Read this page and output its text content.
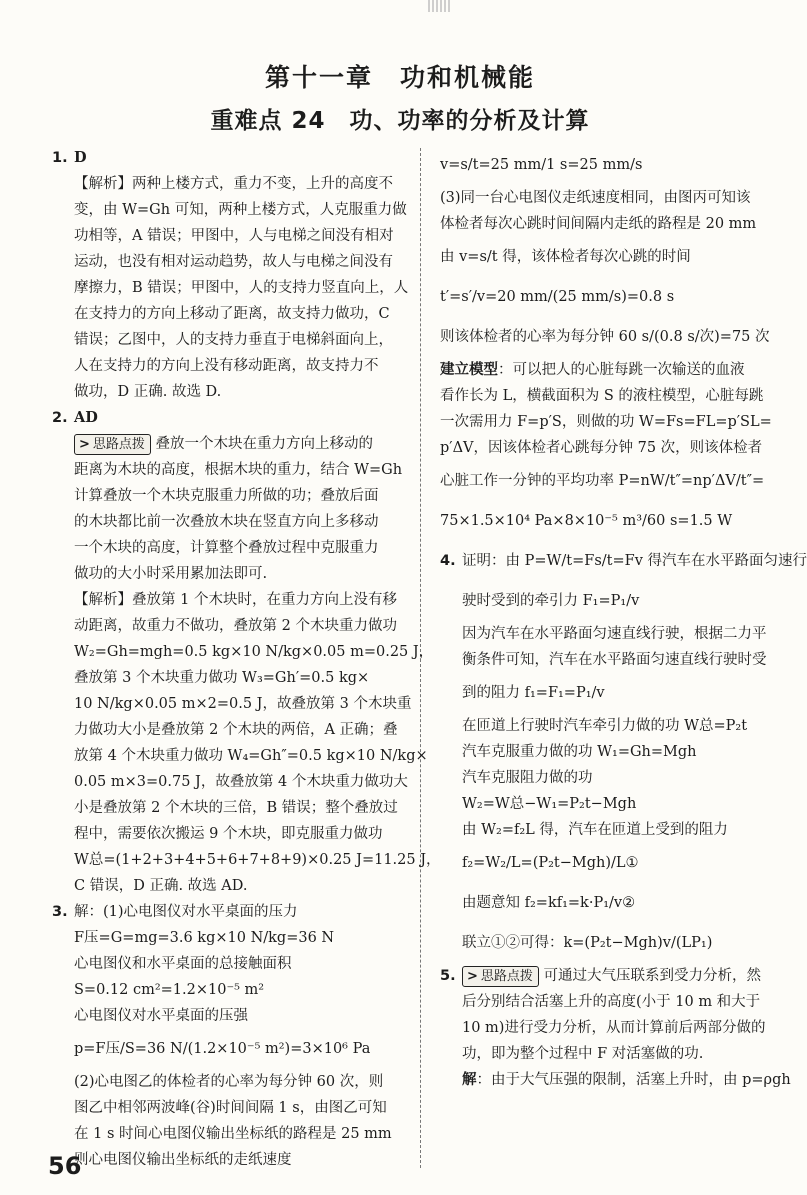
第十一章　功和机械能
重难点 24　功、功率的分析及计算
1. D
【解析】两种上楼方式，重力不变，上升的高度不
变，由 W=Gh 可知，两种上楼方式，人克服重力做
功相等，A 错误；甲图中，人与电梯之间没有相对
运动，也没有相对运动趋势，故人与电梯之间没有
摩擦力，B 错误；甲图中，人的支持力竖直向上，人
在支持力的方向上移动了距离，故支持力做功，C
错误；乙图中，人的支持力垂直于电梯斜面向上，
人在支持力的方向上没有移动距离，故支持力不
做功，D 正确. 故选 D.
2. AD
> 思路点拨 叠放一个木块在重力方向上移动的
距离为木块的高度，根据木块的重力，结合 W=Gh
计算叠放一个木块克服重力所做的功；叠放后面
的木块都比前一次叠放木块在竖直方向上多移动
一个木块的高度，计算整个叠放过程中克服重力
做功的大小时采用累加法即可.
【解析】叠放第 1 个木块时，在重力方向上没有移
动距离，故重力不做功，叠放第 2 个木块重力做功
W₂=Gh=mgh=0.5 kg×10 N/kg×0.05 m=0.25 J，
叠放第 3 个木块重力做功 W₃=Gh′=0.5 kg×
10 N/kg×0.05 m×2=0.5 J，故叠放第 3 个木块重
力做功大小是叠放第 2 个木块的两倍，A 正确；叠
放第 4 个木块重力做功 W₄=Gh″=0.5 kg×10 N/kg×
0.05 m×3=0.75 J，故叠放第 4 个木块重力做功大
小是叠放第 2 个木块的三倍，B 错误；整个叠放过
程中，需要依次搬运 9 个木块，即克服重力做功
W总=(1+2+3+4+5+6+7+8+9)×0.25 J=11.25 J，
C 错误，D 正确. 故选 AD.
3. 解：(1)心电图仪对水平桌面的压力
F压=G=mg=3.6 kg×10 N/kg=36 N
心电图仪和水平桌面的总接触面积
S=0.12 cm²=1.2×10⁻⁵ m²
心电图仪对水平桌面的压强
p=F压/S=36 N/(1.2×10⁻⁵ m²)=3×10⁶ Pa
(2)心电图乙的体检者的心率为每分钟 60 次，则
图乙中相邻两波峰(谷)时间间隔 1 s，由图乙可知
在 1 s 时间心电图仪输出坐标纸的路程是 25 mm
则心电图仪输出坐标纸的走纸速度
v=s/t=25 mm/1 s=25 mm/s
(3)同一台心电图仪走纸速度相同，由图丙可知该
体检者每次心跳时间间隔内走纸的路程是 20 mm
由 v=s/t 得，该体检者每次心跳的时间
t′=s′/v=20 mm/(25 mm/s)=0.8 s
则该体检者的心率为每分钟 60 s/(0.8 s/次)=75 次
建立模型：可以把人的心脏每跳一次输送的血液
看作长为 L，横截面积为 S 的液柱模型，心脏每跳
一次需用力 F=p′S，则做的功 W=Fs=FL=p′SL=
p′ΔV，因该体检者心跳每分钟 75 次，则该体检者
心脏工作一分钟的平均功率 P=nW/t″=np′ΔV/t″=
75×1.5×10⁴ Pa×8×10⁻⁵ m³/60 s=1.5 W
4. 证明：由 P=W/t=Fs/t=Fv 得汽车在水平路面匀速行
驶时受到的牵引力 F₁=P₁/v
因为汽车在水平路面匀速直线行驶，根据二力平
衡条件可知，汽车在水平路面匀速直线行驶时受
到的阻力 f₁=F₁=P₁/v
在匝道上行驶时汽车牵引力做的功 W总=P₂t
汽车克服重力做的功 W₁=Gh=Mgh
汽车克服阻力做的功
W₂=W总−W₁=P₂t−Mgh
由 W₂=f₂L 得，汽车在匝道上受到的阻力
f₂=W₂/L=(P₂t−Mgh)/L①
由题意知 f₂=kf₁=k·P₁/v②
联立①②可得：k=(P₂t−Mgh)v/(LP₁)
5. > 思路点拨 可通过大气压联系到受力分析，然
后分别结合活塞上升的高度(小于 10 m 和大于
10 m)进行受力分析，从而计算前后两部分做的
功，即为整个过程中 F 对活塞做的功.
解：由于大气压强的限制，活塞上升时，由 p=ρgh
56
